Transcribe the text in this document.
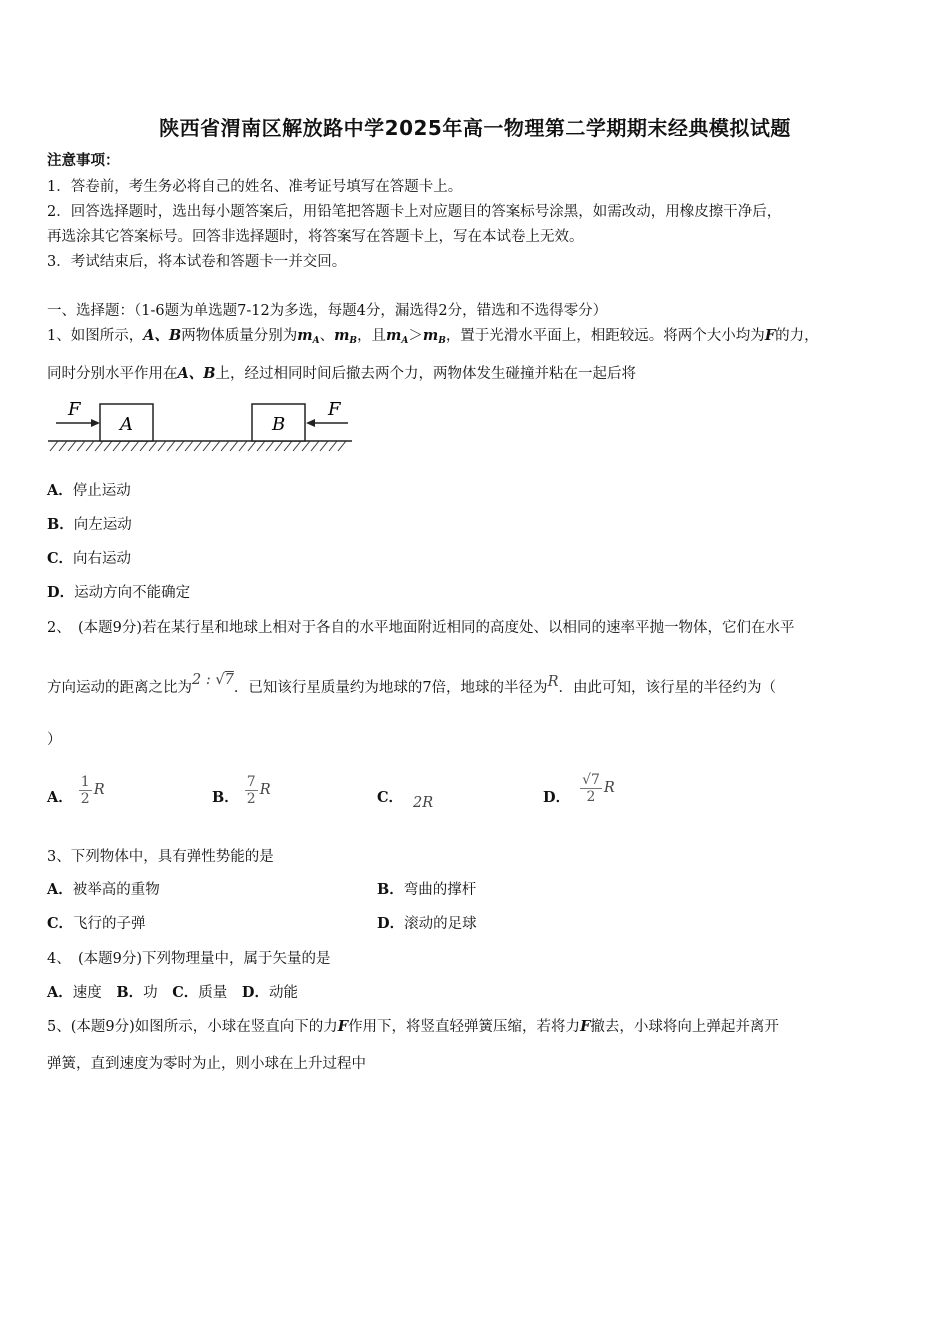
陕西省渭南区解放路中学2025年高一物理第二学期期末经典模拟试题
注意事项：
1．答卷前，考生务必将自己的姓名、准考证号填写在答题卡上。
2．回答选择题时，选出每小题答案后，用铅笔把答题卡上对应题目的答案标号涂黑，如需改动，用橡皮擦干净后，
再选涂其它答案标号。回答非选择题时，将答案写在答题卡上，写在本试卷上无效。
3．考试结束后，将本试卷和答题卡一并交回。
一、选择题：（1-6题为单选题7-12为多选，每题4分，漏选得2分，错选和不选得零分）
1、如图所示，A、B两物体质量分别为$m_A$、$m_B$，且$m_A>m_B$，置于光滑水平面上，相距较远。将两个大小均为F的力，
同时分别水平作用在A、B上，经过相同时间后撤去两个力，两物体发生碰撞并粘在一起后将
A	B
F	F
A．停止运动
B．向左运动
C．向右运动
D．运动方向不能确定
2、　(本题9分)若在某行星和地球上相对于各自的水平地面附近相同的高度处、以相同的速率平抛一物体，它们在水平
方向运动的距离之比为2 : √7．已知该行星质量约为地球的7倍，地球的半径为R．由此可知，该行星的半径约为（
）
A． $\frac{1}{2}$ R	B． $\frac{7}{2}$ R	C． 2R	D． $\frac{√7}{2}$ R
3、下列物体中，具有弹性势能的是
A．被举高的重物	B．弯曲的撑杆
C．飞行的子弹	D．滚动的足球
4、　(本题9分)下列物理量中，属于矢量的是
A．速度 B．功 C．质量 D．动能
5、(本题9分)如图所示，小球在竖直向下的力F作用下，将竖直轻弹簧压缩，若将力F撤去，小球将向上弹起并离开
弹簧，直到速度为零时为止，则小球在上升过程中
